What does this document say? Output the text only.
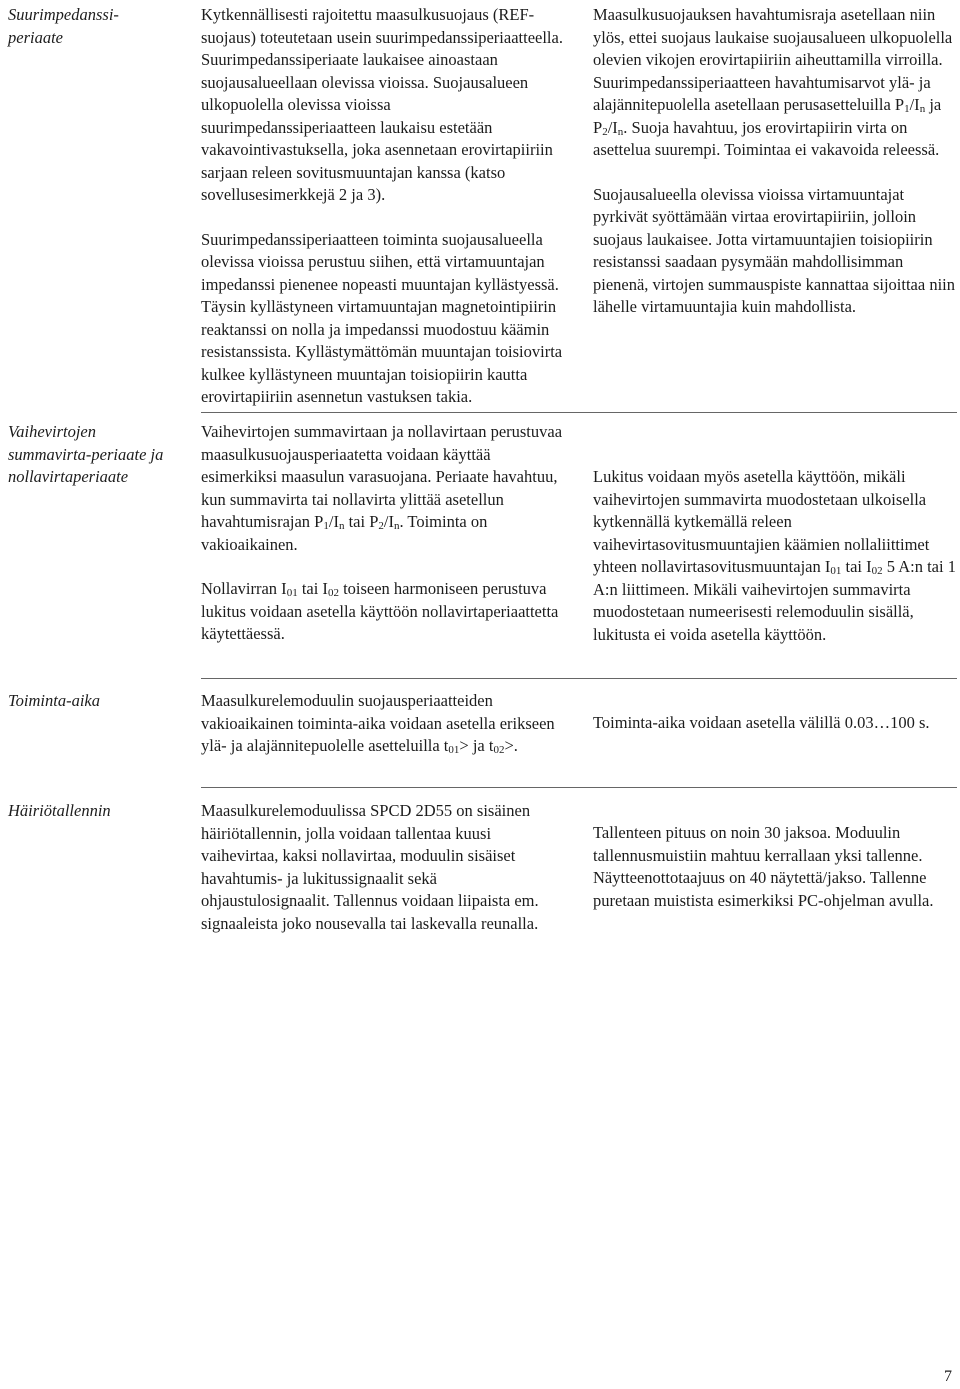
Suurimpedanssi-periaate

Kytkennällisesti rajoitettu maasulkusuojaus (REF-suojaus) toteutetaan usein suurimpedanssiperiaatteella. Suurimpedanssiperiaate laukaisee ainoastaan suojausalueellaan olevissa vioissa. Suojausalueen ulkopuolella olevissa vioissa suurimpedanssiperiaatteen laukaisu estetään vakavointivastuksella, joka asennetaan erovirtapiiriin sarjaan releen sovitusmuuntajan kanssa (katso sovellusesimerkkejä 2 ja 3).

Suurimpedanssiperiaatteen toiminta suojausalueella olevissa vioissa perustuu siihen, että virtamuuntajan impedanssi pienenee nopeasti muuntajan kyllästyessä. Täysin kyllästyneen virtamuuntajan magnetointipiirin reaktanssi on nolla ja impedanssi muodostuu käämin resistanssista. Kyllästymättömän muuntajan toisiovirta kulkee kyllästyneen muuntajan toisiopiirin kautta erovirtapiiriin asennetun vastuksen takia.

Maasulkusuojauksen havahtumisraja asetellaan niin ylös, ettei suojaus laukaise suojausalueen ulkopuolella olevien vikojen erovirtapiiriin aiheuttamilla virroilla. Suurimpedanssiperiaatteen havahtumisarvot ylä- ja alajännitepuolella asetellaan perusasetteluilla $P_1/I_n$ ja $P_2/I_n$. Suoja havahtuu, jos erovirtapiirin virta on asettelua suurempi. Toimintaa ei vakavoida releessä.

Suojausalueella olevissa vioissa virtamuuntajat pyrkivät syöttämään virtaa erovirtapiiriin, jolloin suojaus laukaisee. Jotta virtamuuntajien toisiopiirin resistanssi saadaan pysymään mahdollisimman pienenä, virtojen summauspiste kannattaa sijoittaa niin lähelle virtamuuntajia kuin mahdollista.

Vaihevirtojen summavirta-periaate ja nollavirtaperiaate

Vaihevirtojen summavirtaan ja nollavirtaan perustuvaa maasulkusuojausperiaatetta voidaan käyttää esimerkiksi maasulun varasuojana. Periaate havahtuu, kun summavirta tai nollavirta ylittää asetellun havahtumisrajan $P_1/I_n$ tai $P_2/I_n$. Toiminta on vakioaikainen.

Nollavirran $I_{01}$ tai $I_{02}$ toiseen harmoniseen perustuva lukitus voidaan asetella käyttöön nollavirtaperiaattetta käytettäessä.

Lukitus voidaan myös asetella käyttöön, mikäli vaihevirtojen summavirta muodostetaan ulkoisella kytkennällä kytkemällä releen vaihevirtasovitusmuuntajien käämien nollaliittimet yhteen nollavirtasovitusmuuntajan $I_{01}$ tai $I_{02}$ 5 A:n tai 1 A:n liittimeen. Mikäli vaihevirtojen summavirta muodostetaan numeerisesti relemoduulin sisällä, lukitusta ei voida asetella käyttöön.

Toiminta-aika	Maasulkurelemoduulin suojausperiaatteiden vakioaikainen toiminta-aika voidaan asetella erikseen ylä- ja alajännitepuolelle asetteluilla $t_{01}>$ ja $t_{02}>$.

Toiminta-aika voidaan asetella välillä 0.03…100 s.

Häiriötallennin	Maasulkurelemoduulissa SPCD 2D55 on sisäinen häiriötallennin, jolla voidaan tallentaa kuusi vaihevirtaa, kaksi nollavirtaa, moduulin sisäiset havahtumis- ja lukitussignaalit sekä ohjaustulosignaalit. Tallennus voidaan liipaista em. signaaleista joko nousevalla tai laskevalla reunalla.

Tallenteen pituus on noin 30 jaksoa. Moduulin tallennusmuistiin mahtuu kerrallaan yksi tallenne. Näytteenottotaajuus on 40 näytettä/jakso. Tallenne puretaan muistista esimerkiksi PC-ohjelman avulla.

7
